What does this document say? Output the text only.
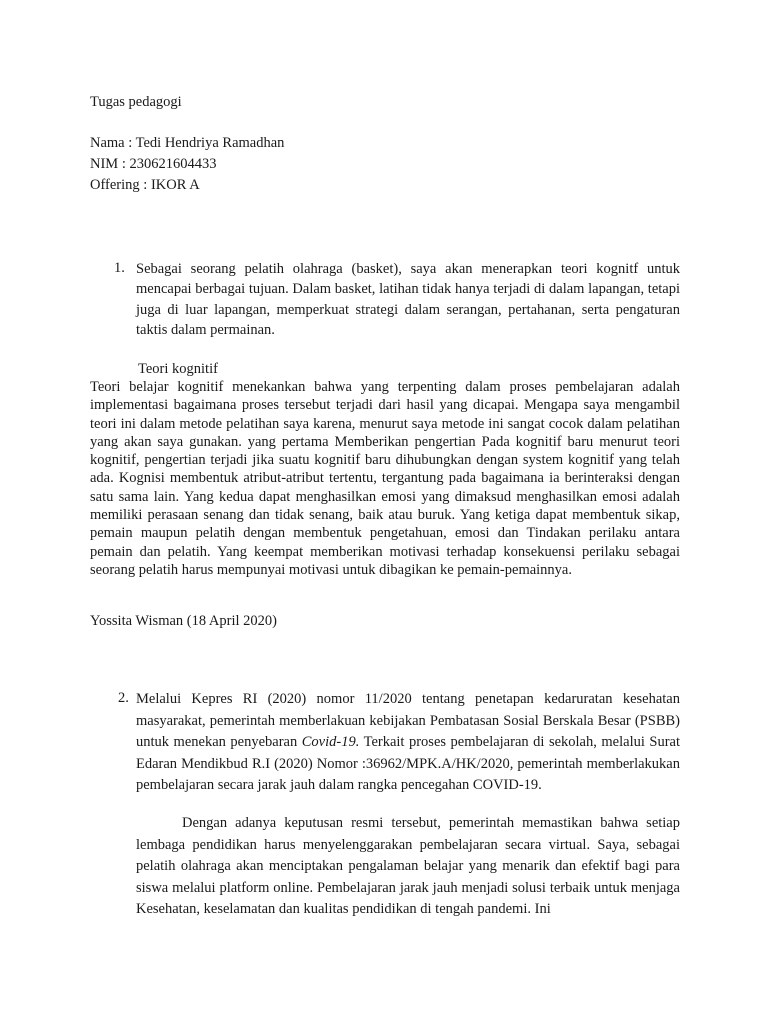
Tugas pedagogi
Nama : Tedi Hendriya Ramadhan
NIM : 230621604433
Offering : IKOR A
1. Sebagai seorang pelatih olahraga (basket), saya akan menerapkan teori kognitf untuk mencapai berbagai tujuan. Dalam basket, latihan tidak hanya terjadi di dalam lapangan, tetapi juga di luar lapangan, memperkuat strategi dalam serangan, pertahanan, serta pengaturan taktis dalam permainan.
Teori kognitif
Teori belajar kognitif menekankan bahwa yang terpenting dalam proses pembelajaran adalah implementasi bagaimana proses tersebut terjadi dari hasil yang dicapai. Mengapa saya mengambil teori ini dalam metode pelatihan saya karena, menurut saya metode ini sangat cocok dalam pelatihan yang akan saya gunakan. yang pertama Memberikan pengertian Pada kognitif baru menurut teori kognitif, pengertian terjadi jika suatu kognitif baru dihubungkan dengan system kognitif yang telah ada. Kognisi membentuk atribut-atribut tertentu, tergantung pada bagaimana ia berinteraksi dengan satu sama lain. Yang kedua dapat menghasilkan emosi yang dimaksud menghasilkan emosi adalah memiliki perasaan senang dan tidak senang, baik atau buruk. Yang ketiga dapat membentuk sikap, pemain maupun pelatih dengan membentuk pengetahuan, emosi dan Tindakan perilaku antara pemain dan pelatih. Yang keempat memberikan motivasi terhadap konsekuensi perilaku sebagai seorang pelatih harus mempunyai motivasi untuk dibagikan ke pemain-pemainnya.
Yossita Wisman (18 April 2020)
2. Melalui Kepres RI (2020) nomor 11/2020 tentang penetapan kedaruratan kesehatan masyarakat, pemerintah memberlakuan kebijakan Pembatasan Sosial Berskala Besar (PSBB) untuk menekan penyebaran Covid-19. Terkait proses pembelajaran di sekolah, melalui Surat Edaran Mendikbud R.I (2020) Nomor :36962/MPK.A/HK/2020, pemerintah memberlakukan pembelajaran secara jarak jauh dalam rangka pencegahan COVID-19.
Dengan adanya keputusan resmi tersebut, pemerintah memastikan bahwa setiap lembaga pendidikan harus menyelenggarakan pembelajaran secara virtual. Saya, sebagai pelatih olahraga akan menciptakan pengalaman belajar yang menarik dan efektif bagi para siswa melalui platform online. Pembelajaran jarak jauh menjadi solusi terbaik untuk menjaga Kesehatan, keselamatan dan kualitas pendidikan di tengah pandemi. Ini
